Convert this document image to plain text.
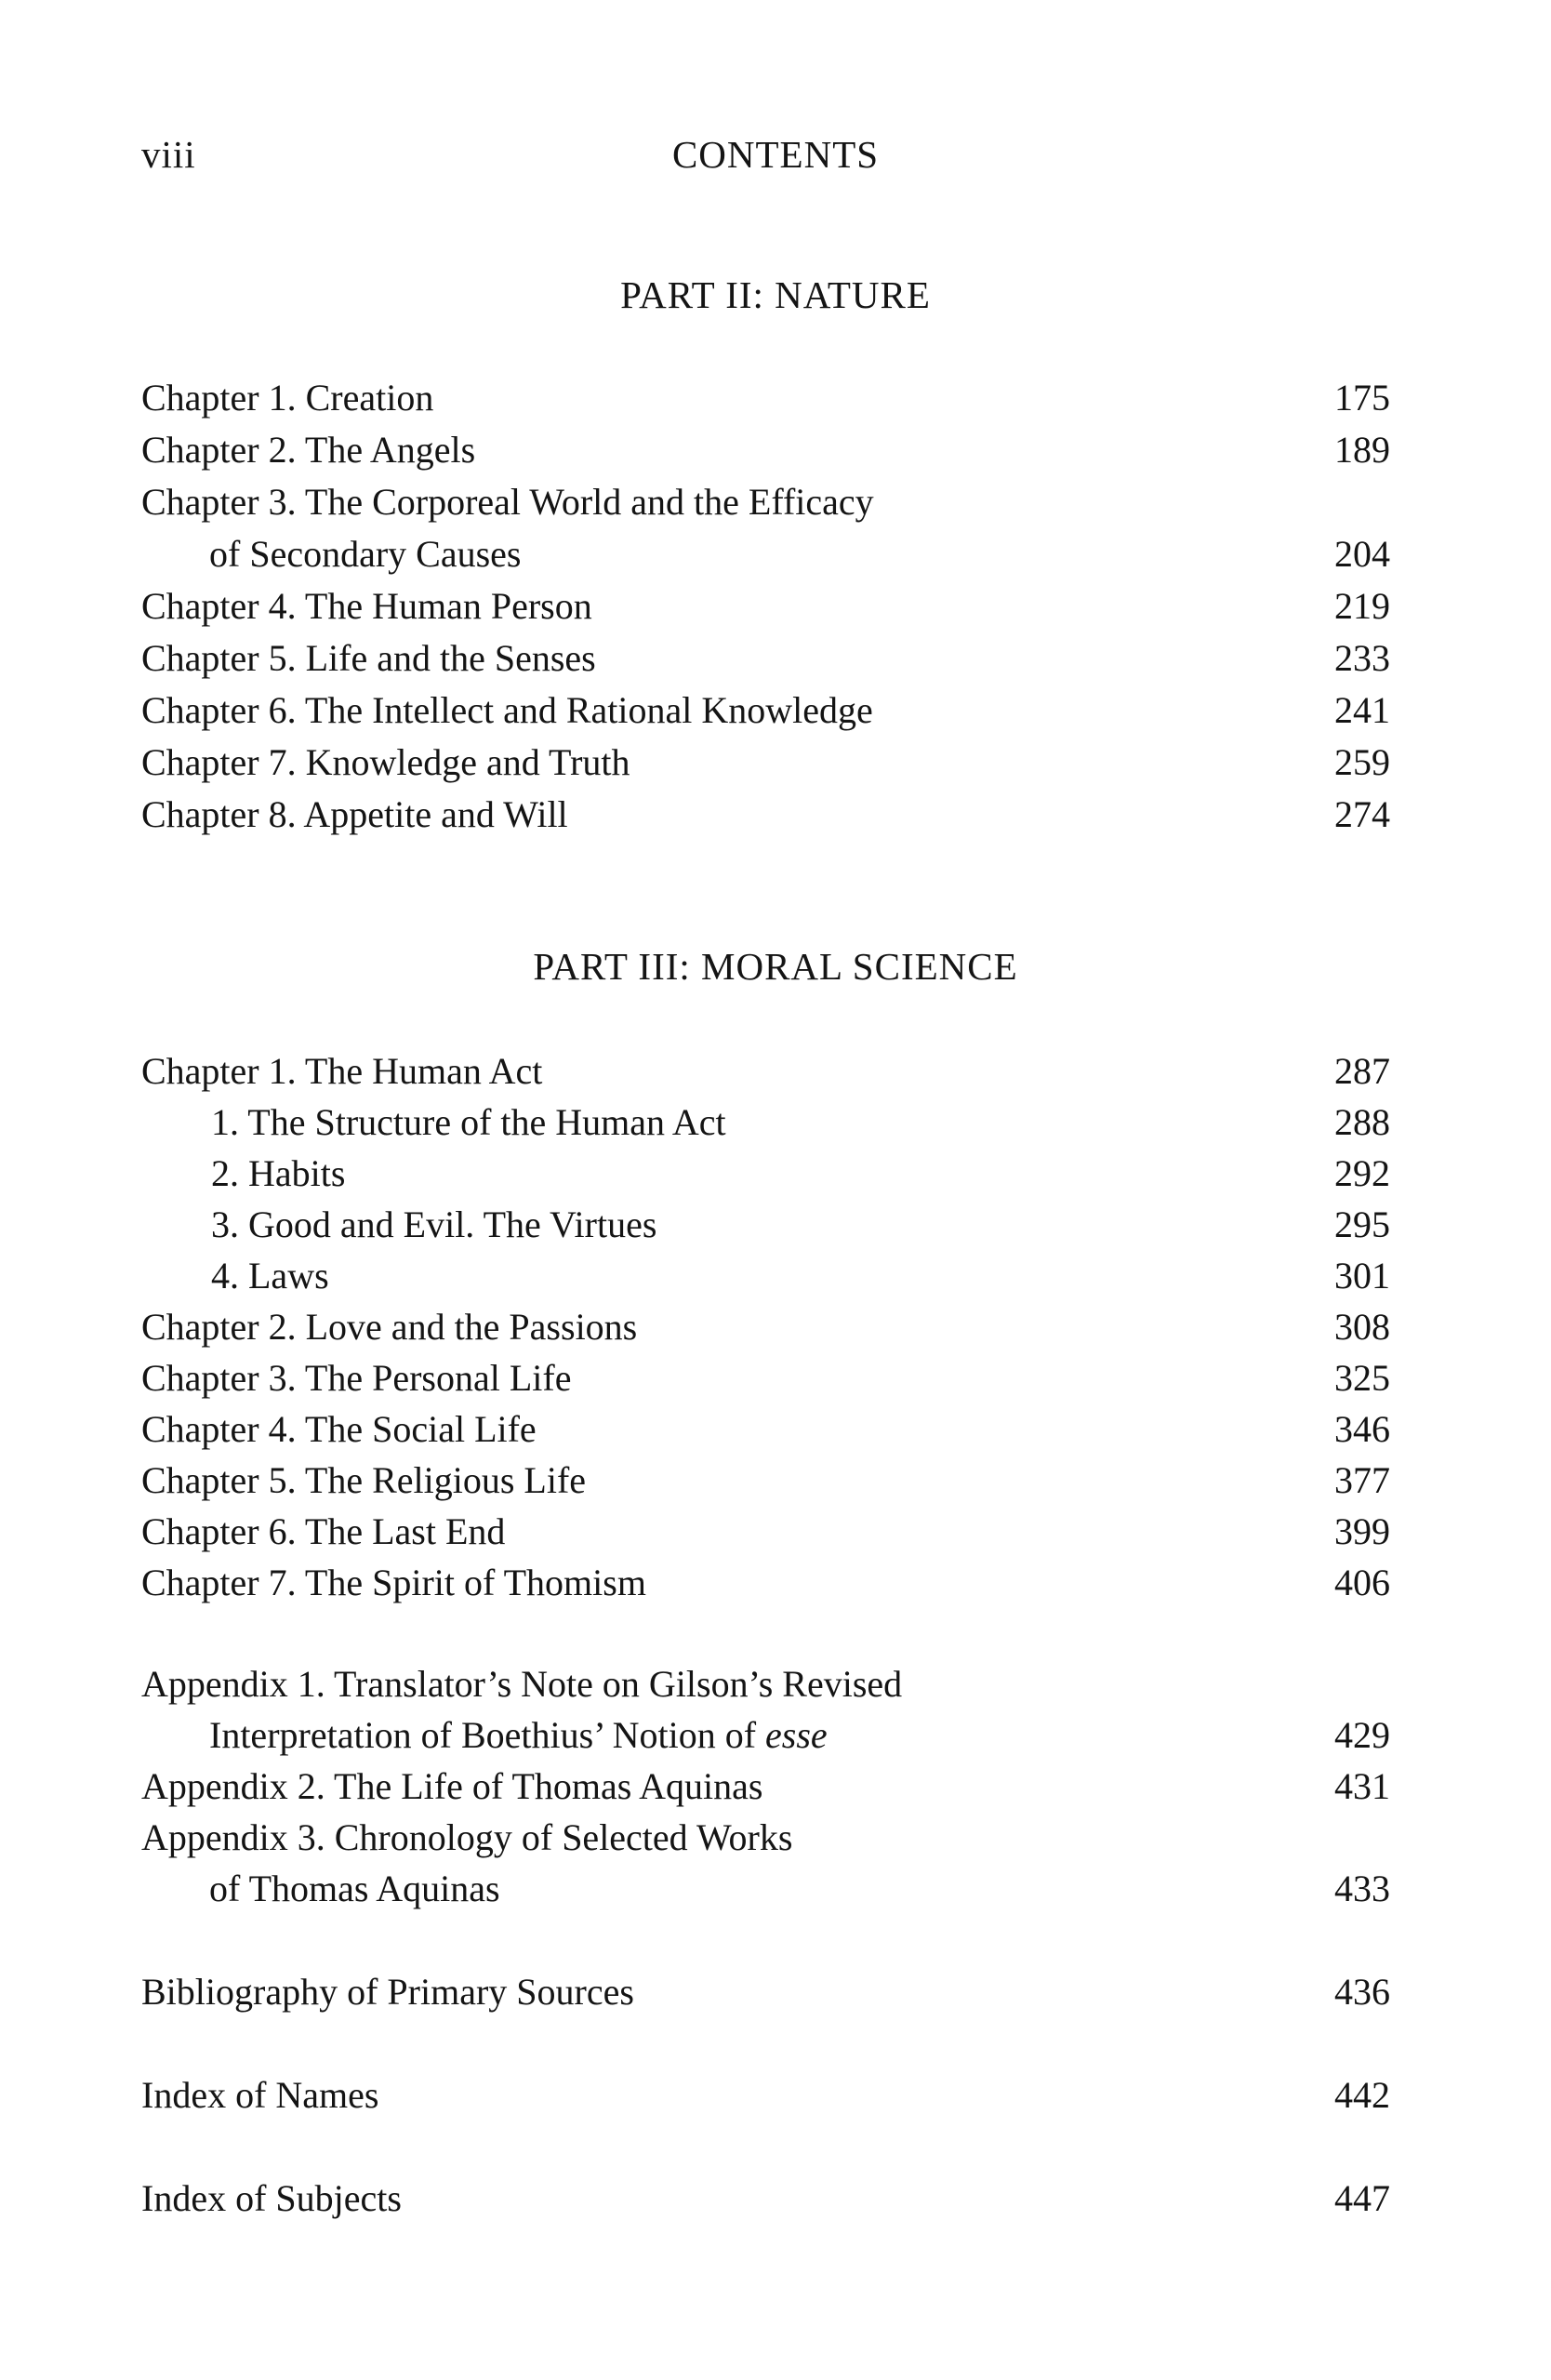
viii	CONTENTS
PART II: NATURE
Chapter 1. Creation	175
Chapter 2. The Angels	189
Chapter 3. The Corporeal World and the Efficacy
of Secondary Causes	204
Chapter 4. The Human Person	219
Chapter 5. Life and the Senses	233
Chapter 6. The Intellect and Rational Knowledge	241
Chapter 7. Knowledge and Truth	259
Chapter 8. Appetite and Will	274
PART III: MORAL SCIENCE
Chapter 1. The Human Act	287
1. The Structure of the Human Act	288
2. Habits	292
3. Good and Evil. The Virtues	295
4. Laws	301
Chapter 2. Love and the Passions	308
Chapter 3. The Personal Life	325
Chapter 4. The Social Life	346
Chapter 5. The Religious Life	377
Chapter 6. The Last End	399
Chapter 7. The Spirit of Thomism	406
Appendix 1. Translator’s Note on Gilson’s Revised
Interpretation of Boethius’ Notion of esse	429
Appendix 2. The Life of Thomas Aquinas	431
Appendix 3. Chronology of Selected Works
of Thomas Aquinas	433
Bibliography of Primary Sources	436
Index of Names	442
Index of Subjects	447
